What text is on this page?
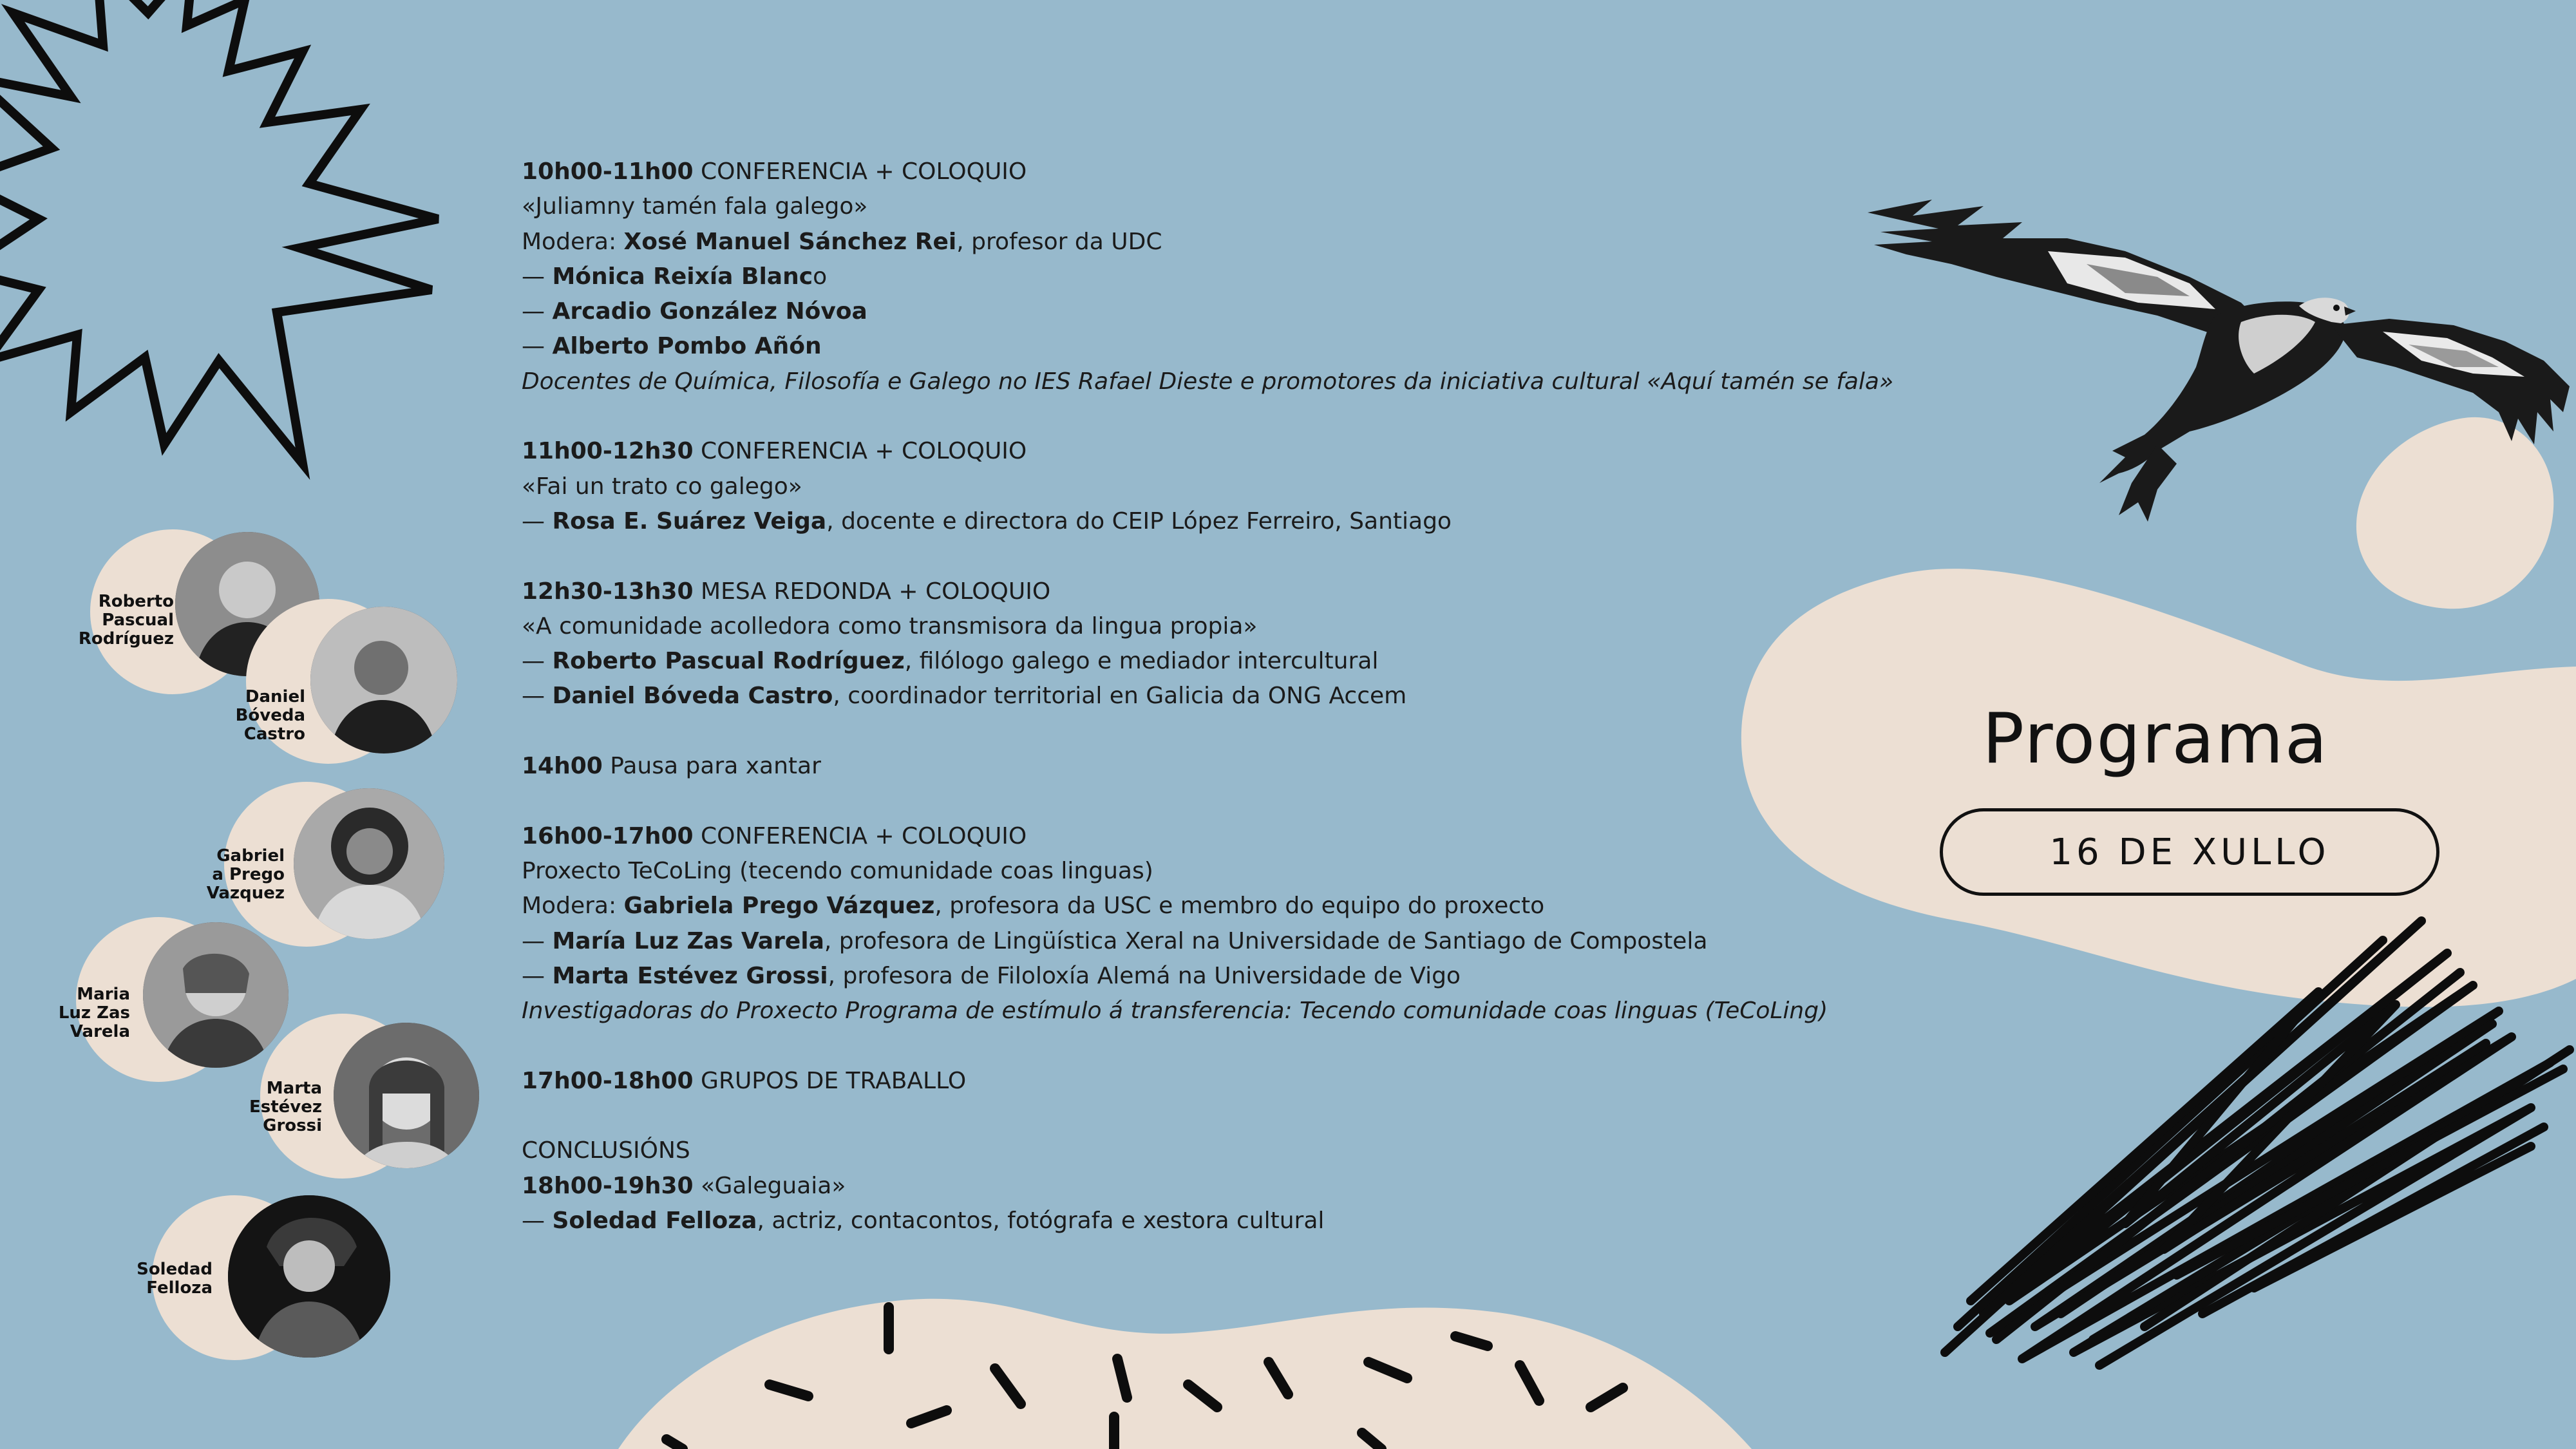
10h00-11h00 CONFERENCIA + COLOQUIO
«Juliamny tamén fala galego»
Modera: Xosé Manuel Sánchez Rei, profesor da UDC
— Mónica Reixía Blanco
— Arcadio González Nóvoa
— Alberto Pombo Añón
Docentes de Química, Filosofía e Galego no IES Rafael Dieste e promotores da iniciativa cultural «Aquí tamén se fala»
11h00-12h30 CONFERENCIA + COLOQUIO
«Fai un trato co galego»
— Rosa E. Suárez Veiga, docente e directora do CEIP López Ferreiro, Santiago
12h30-13h30 MESA REDONDA + COLOQUIO
«A comunidade acolledora como transmisora da lingua propia»
— Roberto Pascual Rodríguez, filólogo galego e mediador intercultural
— Daniel Bóveda Castro, coordinador territorial en Galicia da ONG Accem
14h00 Pausa para xantar
16h00-17h00 CONFERENCIA + COLOQUIO
Proxecto TeCoLing (tecendo comunidade coas linguas)
Modera: Gabriela Prego Vázquez, profesora da USC e membro do equipo do proxecto
— María Luz Zas Varela, profesora de Lingüística Xeral na Universidade de Santiago de Compostela
— Marta Estévez Grossi, profesora de Filoloxía Alemá na Universidade de Vigo
Investigadoras do Proxecto Programa de estímulo á transferencia: Tecendo comunidade coas linguas (TeCoLing)
17h00-18h00 GRUPOS DE TRABALLO
CONCLUSIÓNS
18h00-19h30 «Galeguaia»
— Soledad Felloza, actriz, contacontos, fotógrafa e xestora cultural
Roberto
Pascual
Rodríguez
Daniel
Bóveda
Castro
Gabriel
a Prego
Vazquez
Maria
Luz Zas
Varela
Marta
Estévez
Grossi
Soledad
Felloza
Programa
16 DE XULLO
